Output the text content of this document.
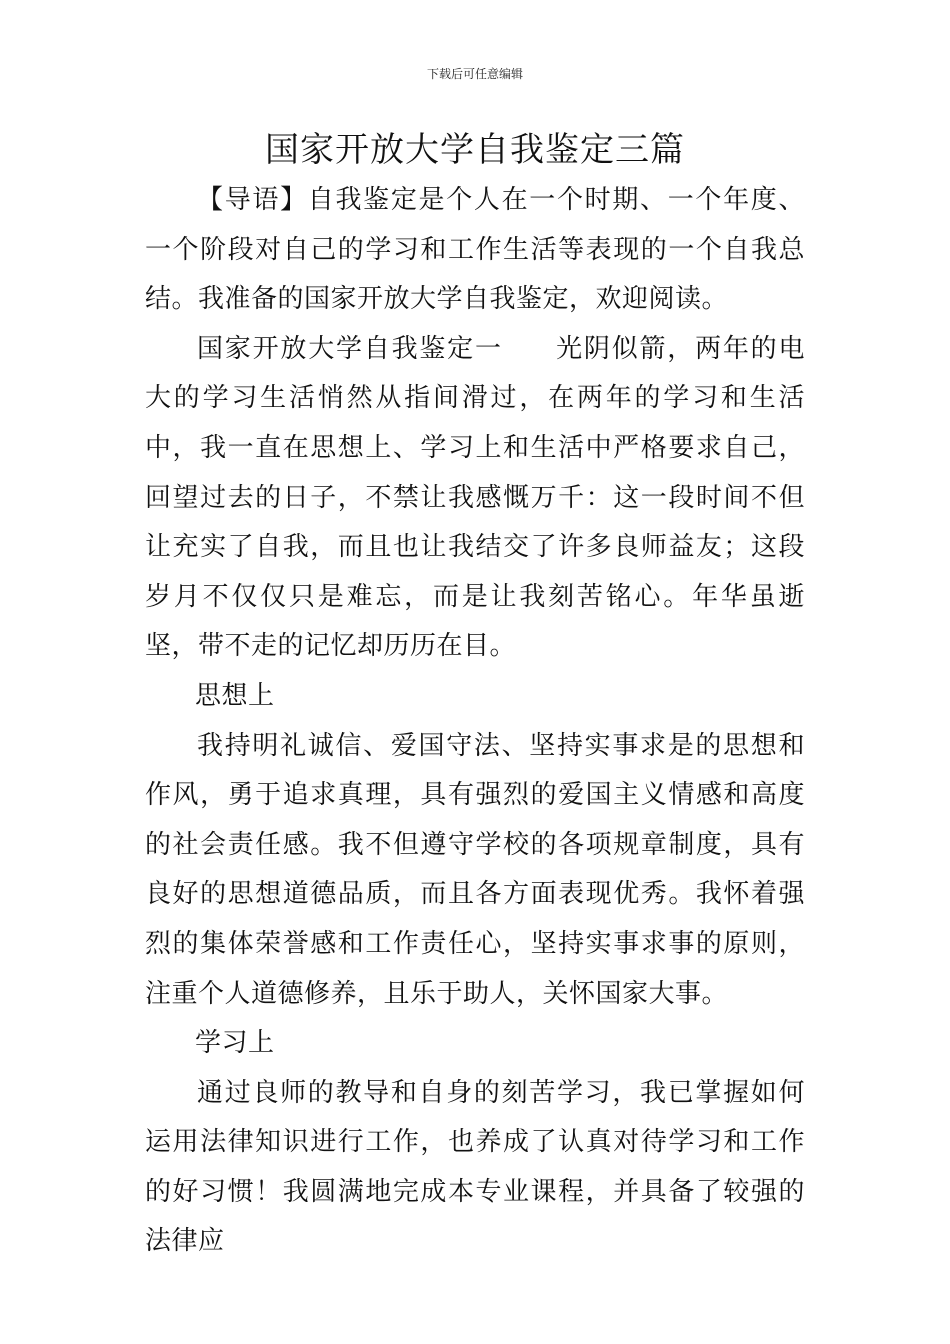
下载后可任意编辑
国家开放大学自我鉴定三篇

【导语】自我鉴定是个人在一个时期、一个年度、一个阶段对自己的学习和工作生活等表现的一个自我总结。我准备的国家开放大学自我鉴定，欢迎阅读。

国家开放大学自我鉴定一 光阴似箭，两年的电大的学习生活悄然从指间滑过，在两年的学习和生活中，我一直在思想上、学习上和生活中严格要求自己，回望过去的日子，不禁让我感慨万千：这一段时间不但让充实了自我，而且也让我结交了许多良师益友；这段岁月不仅仅只是难忘，而是让我刻苦铭心。年华虽逝坚，带不走的记忆却历历在目。

思想上

我持明礼诚信、爱国守法、坚持实事求是的思想和作风，勇于追求真理，具有强烈的爱国主义情感和高度的社会责任感。我不但遵守学校的各项规章制度，具有良好的思想道德品质，而且各方面表现优秀。我怀着强烈的集体荣誉感和工作责任心，坚持实事求事的原则，注重个人道德修养，且乐于助人，关怀国家大事。

学习上

通过良师的教导和自身的刻苦学习，我已掌握如何运用法律知识进行工作，也养成了认真对待学习和工作的好习惯！我圆满地完成本专业课程，并具备了较强的法律应
